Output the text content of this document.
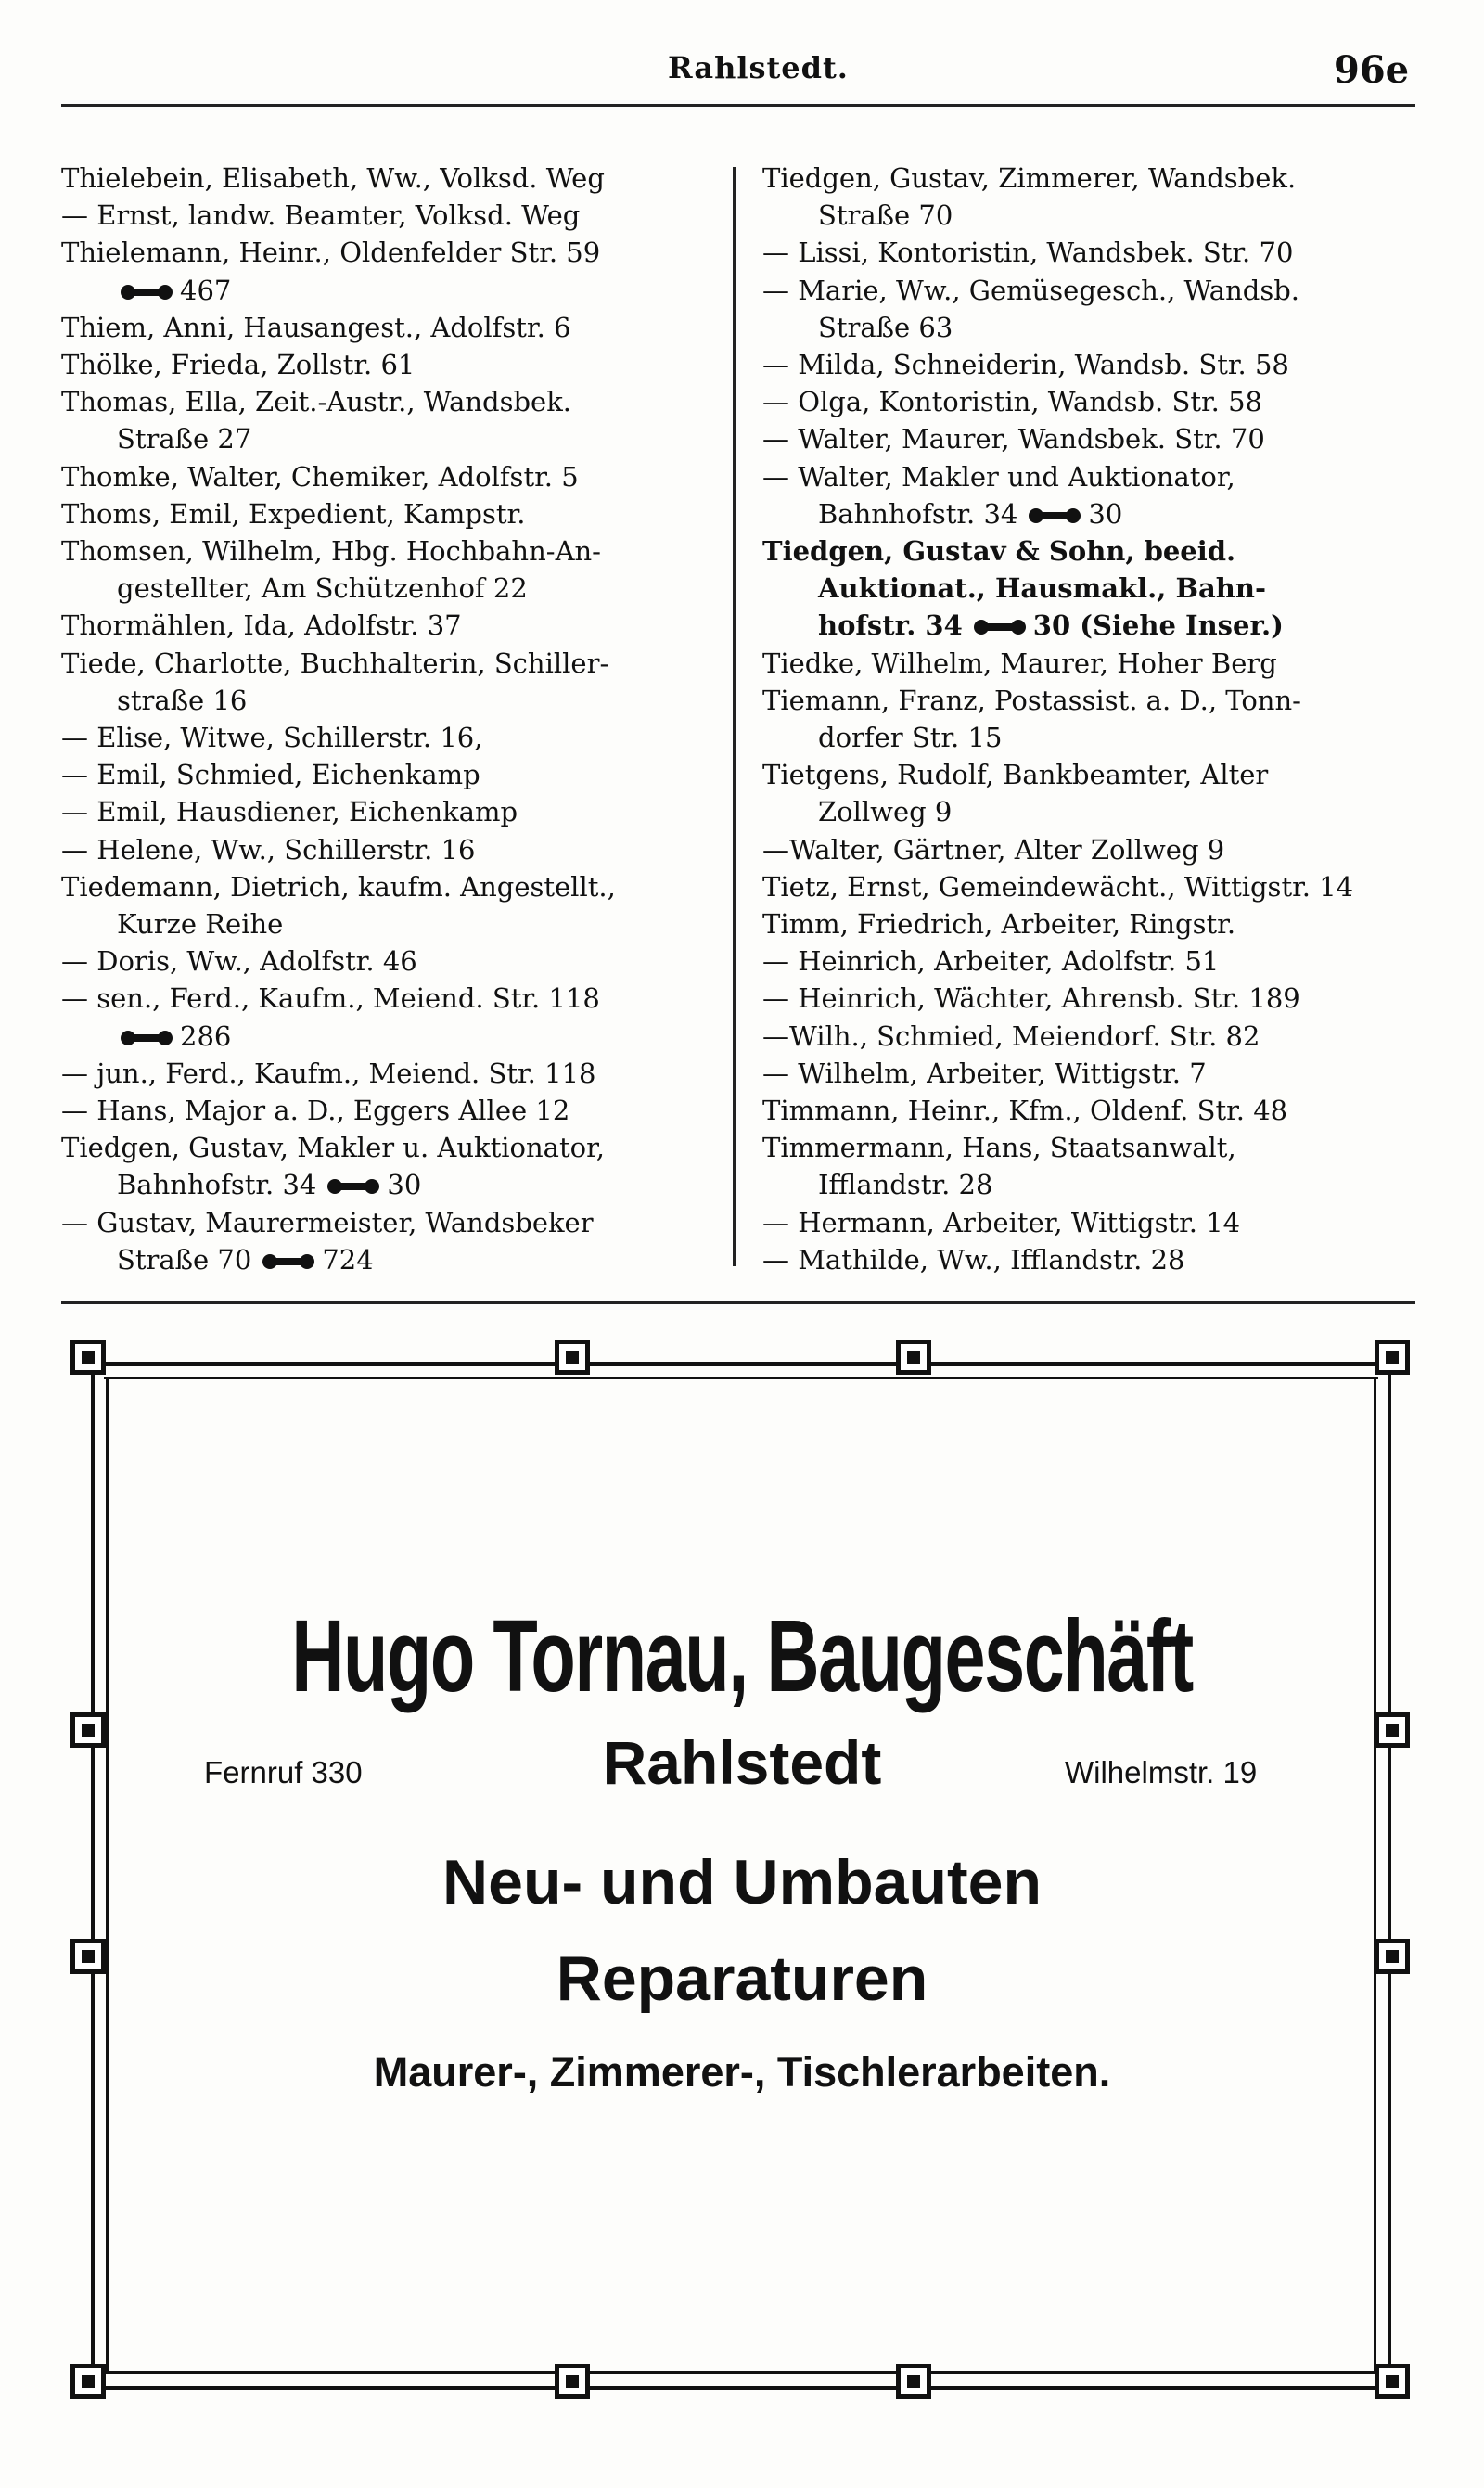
Rahlstedt.	96e
Thielebein, Elisabeth, Ww., Volksd. Weg
— Ernst, landw. Beamter, Volksd. Weg
Thielemann, Heinr., Oldenfelder Str. 59
467
Thiem, Anni, Hausangest., Adolfstr. 6
Thölke, Frieda, Zollstr. 61
Thomas, Ella, Zeit.-Austr., Wandsbek.
Straße 27
Thomke, Walter, Chemiker, Adolfstr. 5
Thoms, Emil, Expedient, Kampstr.
Thomsen, Wilhelm, Hbg. Hochbahn-An-
gestellter, Am Schützenhof 22
Thormählen, Ida, Adolfstr. 37
Tiede, Charlotte, Buchhalterin, Schiller-
straße 16
— Elise, Witwe, Schillerstr. 16,
— Emil, Schmied, Eichenkamp
— Emil, Hausdiener, Eichenkamp
— Helene, Ww., Schillerstr. 16
Tiedemann, Dietrich, kaufm. Angestellt.,
Kurze Reihe
— Doris, Ww., Adolfstr. 46
— sen., Ferd., Kaufm., Meiend. Str. 118
286
— jun., Ferd., Kaufm., Meiend. Str. 118
— Hans, Major a. D., Eggers Allee 12
Tiedgen, Gustav, Makler u. Auktionator,
Bahnhofstr. 34	30
— Gustav, Maurermeister, Wandsbeker
Straße 70	724
Tiedgen, Gustav, Zimmerer, Wandsbek.
Straße 70
— Lissi, Kontoristin, Wandsbek. Str. 70
— Marie, Ww., Gemüsegesch., Wandsb.
Straße 63
— Milda, Schneiderin, Wandsb. Str. 58
— Olga, Kontoristin, Wandsb. Str. 58
— Walter, Maurer, Wandsbek. Str. 70
— Walter, Makler und Auktionator,
Bahnhofstr. 34	30
Tiedgen, Gustav & Sohn, beeid.
Auktionat., Hausmakl., Bahn-
hofstr. 34	30 (Siehe Inser.)
Tiedke, Wilhelm, Maurer, Hoher Berg
Tiemann, Franz, Postassist. a. D., Tonn-
dorfer Str. 15
Tietgens, Rudolf, Bankbeamter, Alter
Zollweg 9
—Walter, Gärtner, Alter Zollweg 9
Tietz, Ernst, Gemeindewächt., Wittigstr. 14
Timm, Friedrich, Arbeiter, Ringstr.
— Heinrich, Arbeiter, Adolfstr. 51
— Heinrich, Wächter, Ahrensb. Str. 189
—Wilh., Schmied, Meiendorf. Str. 82
— Wilhelm, Arbeiter, Wittigstr. 7
Timmann, Heinr., Kfm., Oldenf. Str. 48
Timmermann, Hans, Staatsanwalt,
Ifflandstr. 28
— Hermann, Arbeiter, Wittigstr. 14
— Mathilde, Ww., Ifflandstr. 28
Hugo Tornau, Baugeschäft
Fernruf 330	Rahlstedt	Wilhelmstr. 19
Neu- und Umbauten
Reparaturen
Maurer-, Zimmerer-, Tischlerarbeiten.
